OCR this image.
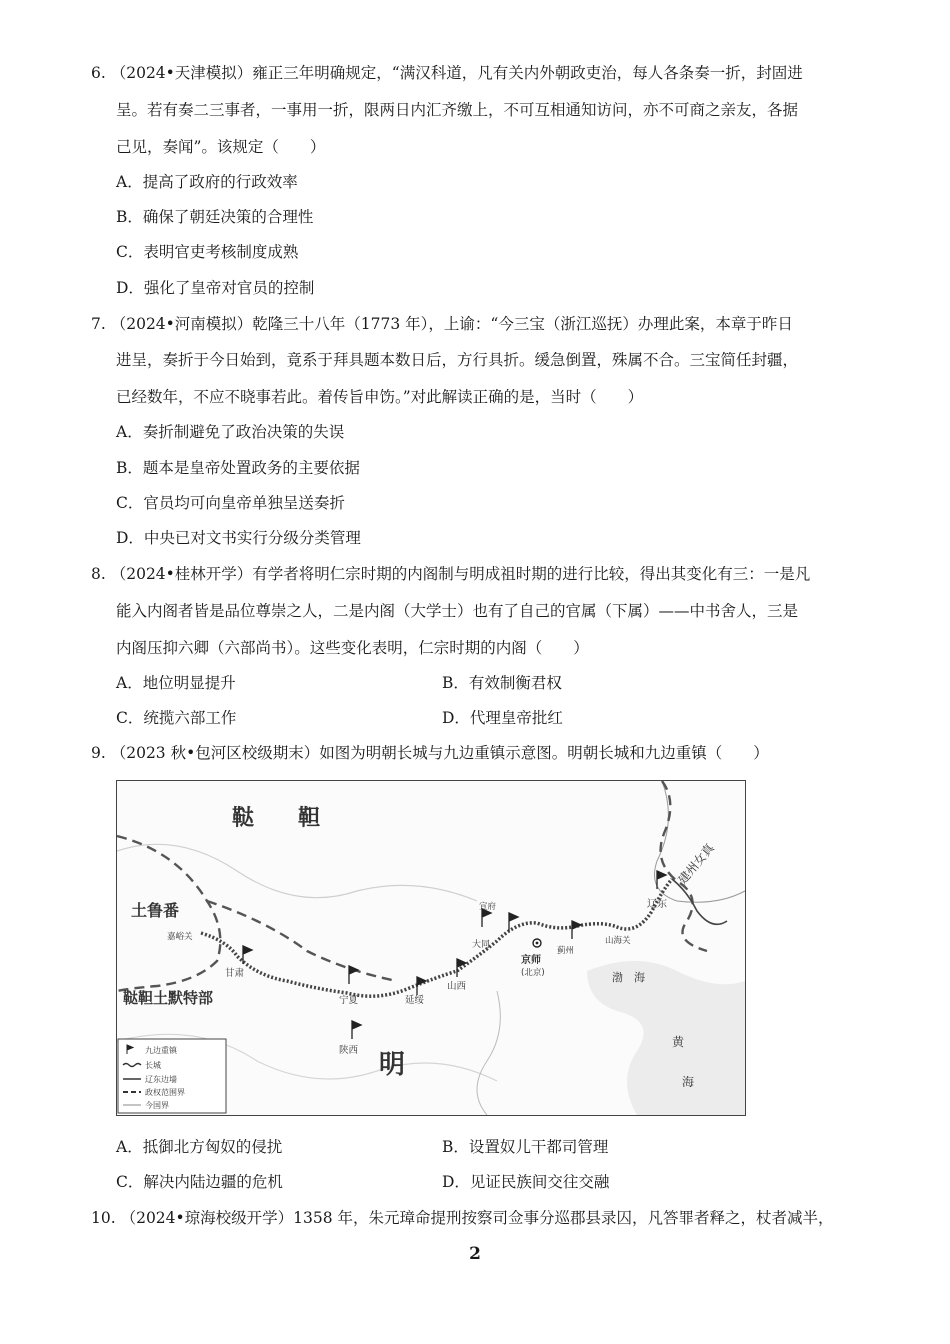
6. （2024•天津模拟）雍正三年明确规定，“满汉科道，凡有关内外朝政吏治，每人各条奏一折，封固进
呈。若有奏二三事者，一事用一折，限两日内汇齐缴上，不可互相通知访问，亦不可商之亲友，各据
己见，奏闻”。该规定（　　）
A．提高了政府的行政效率
B．确保了朝廷决策的合理性
C．表明官吏考核制度成熟
D．强化了皇帝对官员的控制
7. （2024•河南模拟）乾隆三十八年（1773 年），上谕：“今三宝（浙江巡抚）办理此案，本章于昨日
进呈，奏折于今日始到，竟系于拜具题本数日后，方行具折。缓急倒置，殊属不合。三宝简任封疆，
已经数年，不应不晓事若此。着传旨申饬。”对此解读正确的是，当时（　　）
A．奏折制避免了政治决策的失误
B．题本是皇帝处置政务的主要依据
C．官员均可向皇帝单独呈送奏折
D．中央已对文书实行分级分类管理
8. （2024•桂林开学）有学者将明仁宗时期的内阁制与明成祖时期的进行比较，得出其变化有三：一是凡
能入内阁者皆是品位尊崇之人，二是内阁（大学士）也有了自己的官属（下属）——中书舍人，三是
内阁压抑六卿（六部尚书）。这些变化表明，仁宗时期的内阁（　　）
A．地位明显提升	B．有效制衡君权
C．统揽六部工作	D．代理皇帝批红
9. （2023 秋•包河区校级期末）如图为明朝长城与九边重镇示意图。明朝长城和九边重镇（　　）
鞑　　靼
土鲁番
鞑靼土默特部
明
建州女真
嘉峪关
甘肃
宁夏	延绥
山西
大同
宣府
京师
(北京)
蓟州
山海关
辽东
陕西
渤　海
黄
海
九边重镇
长城
辽东边墙
政权范围界
今国界
A．抵御北方匈奴的侵扰	B．设置奴儿干都司管理
C．解决内陆边疆的危机	D．见证民族间交往交融
10. （2024•琼海校级开学）1358 年，朱元璋命提刑按察司佥事分巡郡县录囚，凡答罪者释之，杖者减半，
2
